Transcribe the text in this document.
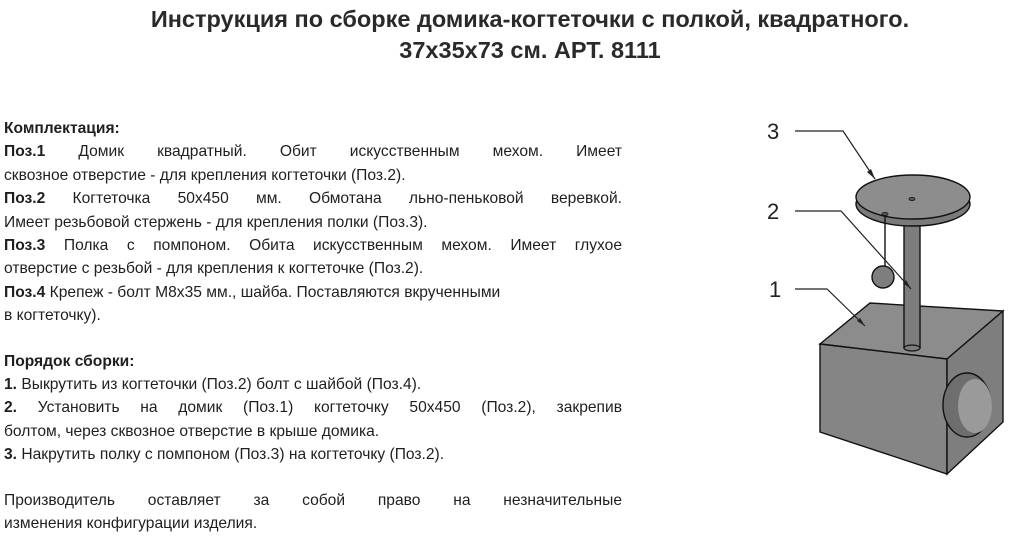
Инструкция по сборке домика-когтеточки с полкой, квадратного.
37х35х73 см. АРТ. 8111

Комплектация:

Поз.1 Домик квадратный. Обит искусственным мехом. Имеет

сквозное отверстие - для крепления когтеточки (Поз.2).

Поз.2 Когтеточка 50х450 мм. Обмотана льно-пеньковой веревкой.

Имеет резьбовой стержень - для крепления полки (Поз.3).

Поз.3 Полка с помпоном. Обита искусственным мехом. Имеет глухое

отверстие с резьбой - для крепления к когтеточке (Поз.2).

Поз.4 Крепеж - болт М8х35 мм., шайба. Поставляются вкрученными

в когтеточку).

Порядок сборки:

1. Выкрутить из когтеточки (Поз.2) болт с шайбой (Поз.4).

2. Установить на домик (Поз.1) когтеточку 50х450 (Поз.2), закрепив

болтом, через сквозное отверстие в крыше домика.

3. Накрутить полку с помпоном (Поз.3) на когтеточку (Поз.2).

Производитель оставляет за собой право на незначительные

изменения конфигурации изделия.

3
2
1
